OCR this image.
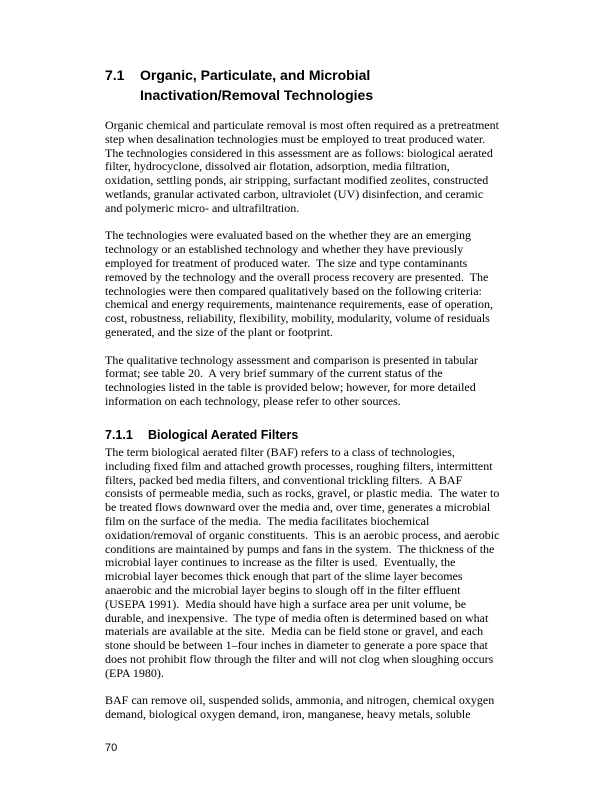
7.1	Organic, Particulate, and Microbial
Inactivation/Removal Technologies

Organic chemical and particulate removal is most often required as a pretreatment
step when desalination technologies must be employed to treat produced water.
The technologies considered in this assessment are as follows: biological aerated
filter, hydrocyclone, dissolved air flotation, adsorption, media filtration,
oxidation, settling ponds, air stripping, surfactant modified zeolites, constructed
wetlands, granular activated carbon, ultraviolet (UV) disinfection, and ceramic
and polymeric micro- and ultrafiltration.

The technologies were evaluated based on the whether they are an emerging
technology or an established technology and whether they have previously
employed for treatment of produced water.  The size and type contaminants
removed by the technology and the overall process recovery are presented.  The
technologies were then compared qualitatively based on the following criteria:
chemical and energy requirements, maintenance requirements, ease of operation,
cost, robustness, reliability, flexibility, mobility, modularity, volume of residuals
generated, and the size of the plant or footprint.

The qualitative technology assessment and comparison is presented in tabular
format; see table 20.  A very brief summary of the current status of the
technologies listed in the table is provided below; however, for more detailed
information on each technology, please refer to other sources.

7.1.1	Biological Aerated Filters

The term biological aerated filter (BAF) refers to a class of technologies,
including fixed film and attached growth processes, roughing filters, intermittent
filters, packed bed media filters, and conventional trickling filters.  A BAF
consists of permeable media, such as rocks, gravel, or plastic media.  The water to
be treated flows downward over the media and, over time, generates a microbial
film on the surface of the media.  The media facilitates biochemical
oxidation/removal of organic constituents.  This is an aerobic process, and aerobic
conditions are maintained by pumps and fans in the system.  The thickness of the
microbial layer continues to increase as the filter is used.  Eventually, the
microbial layer becomes thick enough that part of the slime layer becomes
anaerobic and the microbial layer begins to slough off in the filter effluent
(USEPA 1991).  Media should have high a surface area per unit volume, be
durable, and inexpensive.  The type of media often is determined based on what
materials are available at the site.  Media can be field stone or gravel, and each
stone should be between 1–four inches in diameter to generate a pore space that
does not prohibit flow through the filter and will not clog when sloughing occurs
(EPA 1980).

BAF can remove oil, suspended solids, ammonia, and nitrogen, chemical oxygen
demand, biological oxygen demand, iron, manganese, heavy metals, soluble

70
